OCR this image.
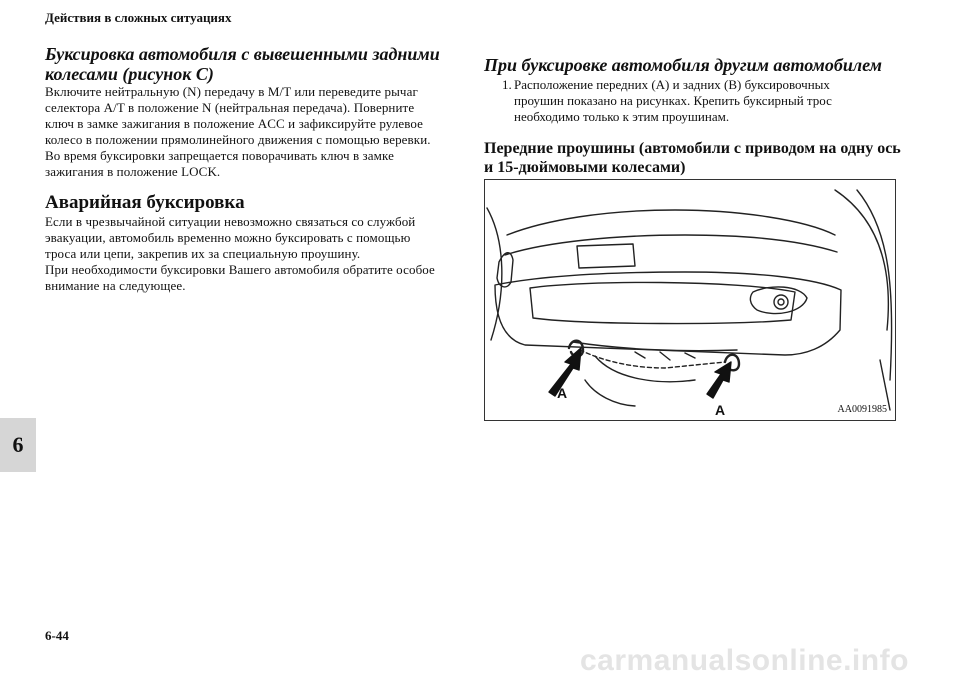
Действия в сложных ситуациях
6
Буксировка автомобиля с вывешенными задними
колесами (рисунок C)

Включите нейтральную (N) передачу в M/T или переведите рычаг
селектора A/T в положение N (нейтральная передача). Поверните
ключ в замке зажигания в положение ACC и зафиксируйте рулевое
колесо в положении прямолинейного движения с помощью веревки.
Во время буксировки запрещается поворачивать ключ в замке
зажигания в положение LOCK.

Аварийная буксировка

Если в чрезвычайной ситуации невозможно связаться со службой
эвакуации, автомобиль временно можно буксировать с помощью
троса или цепи, закрепив их за специальную проушину.
При необходимости буксировки Вашего автомобиля обратите особое
внимание на следующее.

При буксировке автомобиля другим автомобилем
1. Расположение передних (A) и задних (B) буксировочных
проушин показано на рисунках. Крепить буксирный трос
необходимо только к этим проушинам.
Передние проушины (автомобили с приводом на одну ось
и 15-дюймовыми колесами)
A
A	AA0091985
6-44
carmanualsonline.info
